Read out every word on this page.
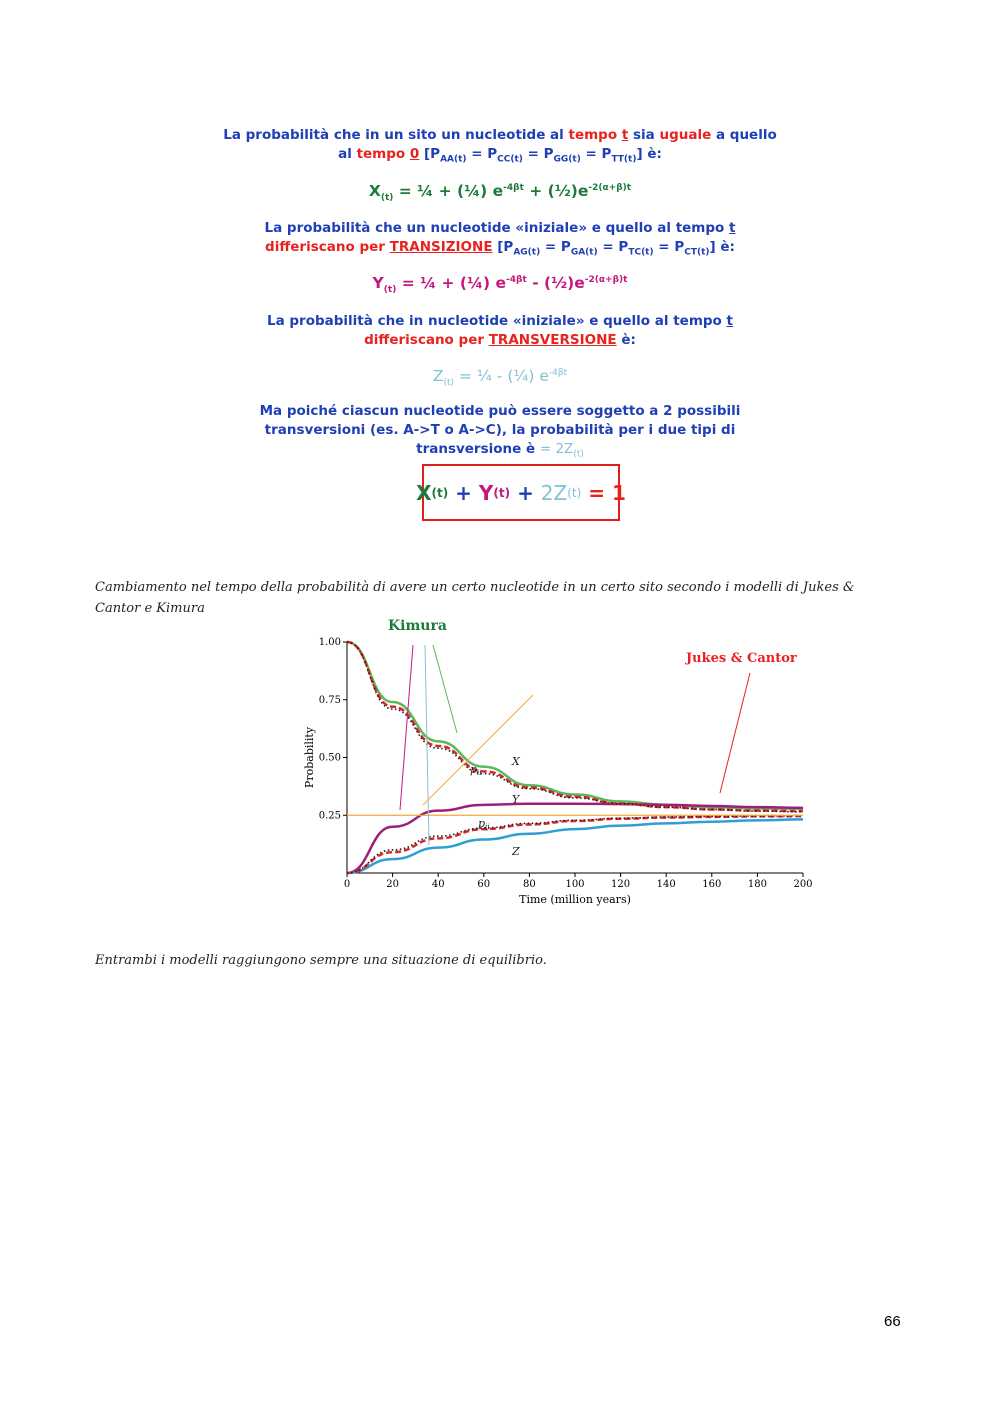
La probabilità che in un sito un nucleotide al tempo t sia uguale a quello
al tempo 0 $[P_{AA(t)} = P_{CC(t)} = P_{GG(t)} = P_{TT(t)}]$ è:
$X_{(t)}$ = ¼ + (¼) $e^{-4\beta t}$ + $(\frac{1}{2})e^{-2(\alpha+\beta)t}$
La probabilità che un nucleotide «iniziale» e quello al tempo t
differiscano per TRANSIZIONE $[P_{AG(t)} = P_{GA(t)} = P_{TC(t)} = P_{CT(t)}]$ è:
$Y_{(t)}$ = ¼ + (¼) $e^{-4\beta t}$ - $(\frac{1}{2})e^{-2(\alpha+\beta)t}$
La probabilità che in nucleotide «iniziale» e quello al tempo t
differiscano per TRANSVERSIONE è:
$Z_{(t)}$ = ¼ - (¼) $e^{-4\beta t}$
Ma poiché ciascun nucleotide può essere soggetto a 2 possibili
transversioni (es. A->T o A->C), la probabilità per i due tipi di
transversione è = $2Z_{(t)}$
X (t) + Y (t) + 2Z (t) = 1
Cambiamento nel tempo della probabilità di avere un certo nucleotide in un certo sito secondo i modelli di Jukes & Cantor e Kimura
0	20	40	60	80	100	120	140	160	180	200
0.25
0.50
0.75
1.00
Time (million years)
Probability
Kimura
Jukes & Cantor
X
Y
Z
pii
pij
Entrambi i modelli raggiungono sempre una situazione di equilibrio.
66
